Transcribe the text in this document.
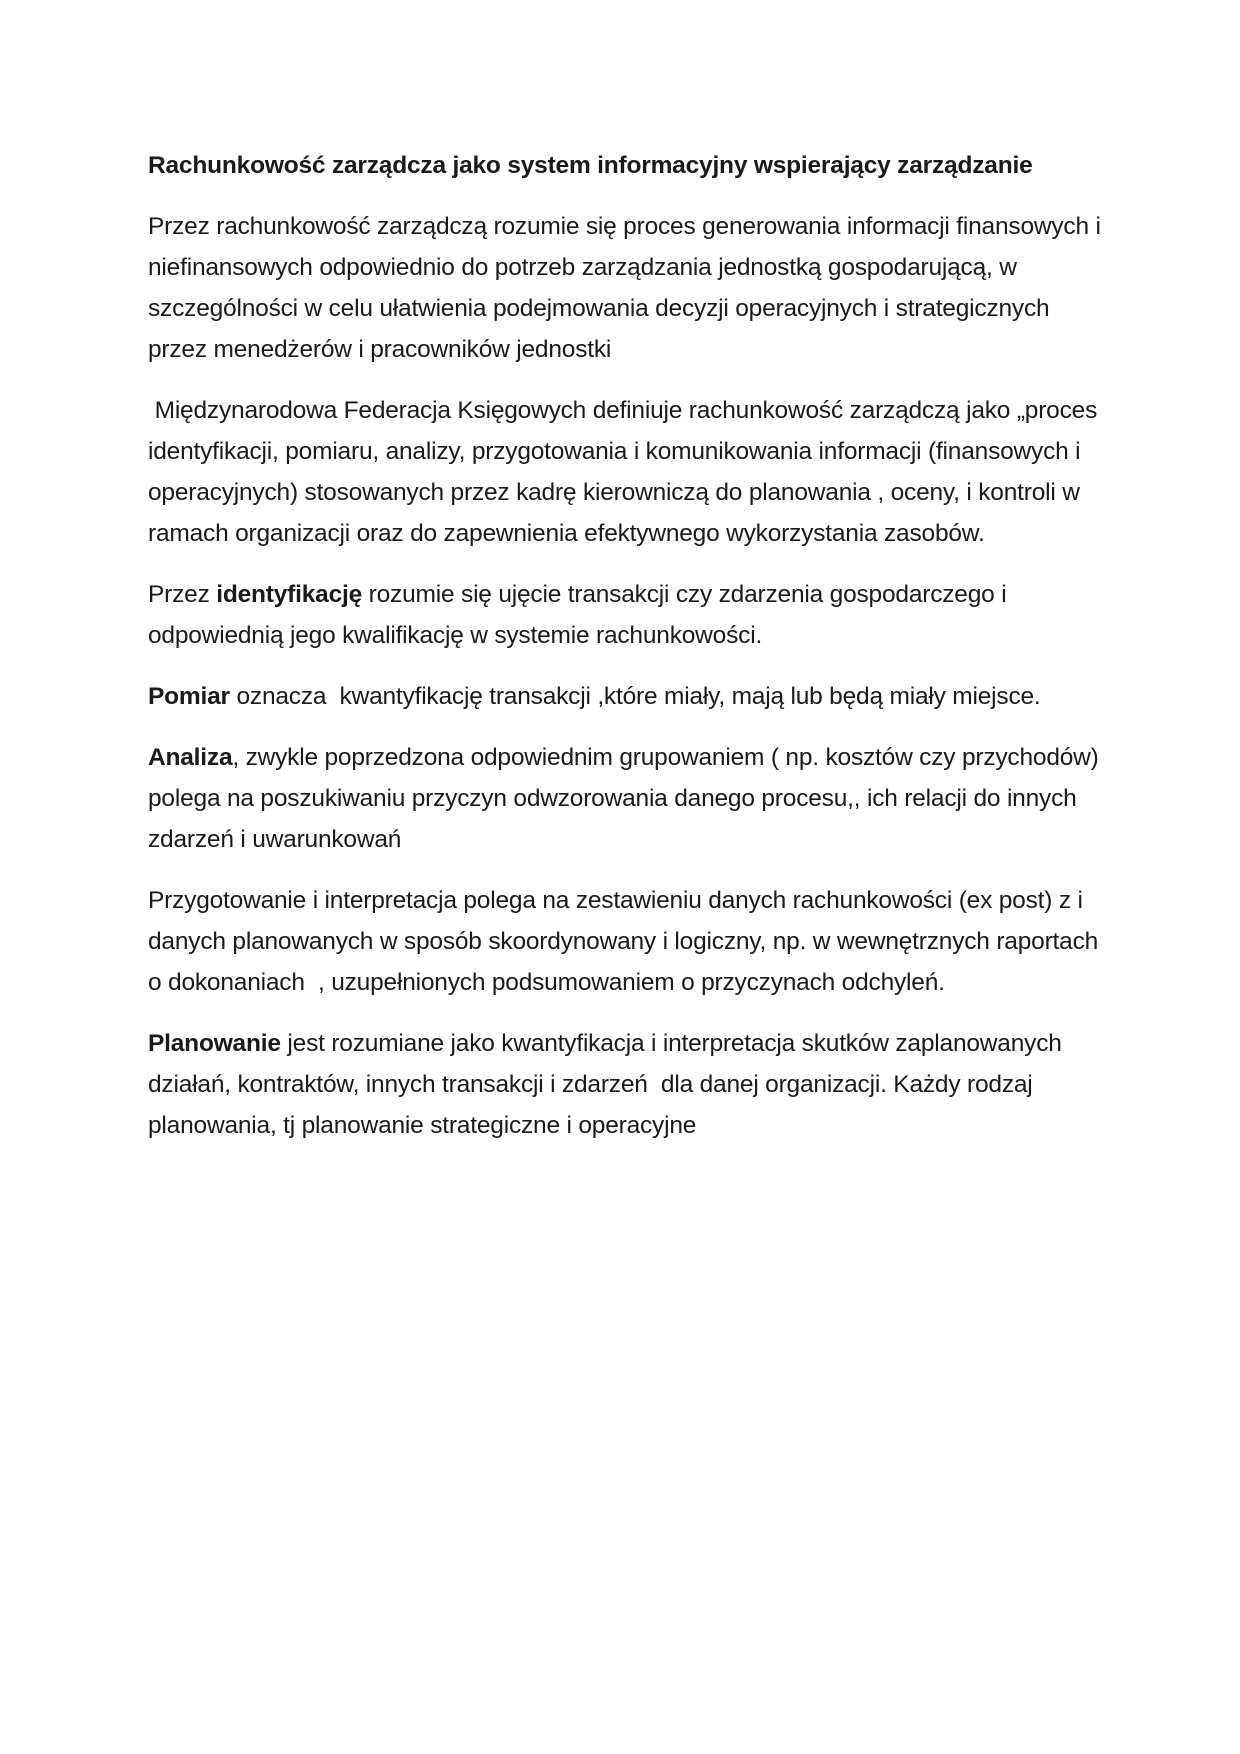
Rachunkowość zarządcza jako system informacyjny wspierający zarządzanie

Przez rachunkowość zarządczą rozumie się proces generowania informacji finansowych i niefinansowych odpowiednio do potrzeb zarządzania jednostką gospodarującą, w szczególności w celu ułatwienia podejmowania decyzji operacyjnych i strategicznych przez menedżerów i pracowników jednostki

Międzynarodowa Federacja Księgowych definiuje rachunkowość zarządczą jako „proces identyfikacji, pomiaru, analizy, przygotowania i komunikowania informacji (finansowych i operacyjnych) stosowanych przez kadrę kierowniczą do planowania , oceny, i kontroli w ramach organizacji oraz do zapewnienia efektywnego wykorzystania zasobów.

Przez identyfikację rozumie się ujęcie transakcji czy zdarzenia gospodarczego i odpowiednią jego kwalifikację w systemie rachunkowości.

Pomiar oznacza  kwantyfikację transakcji ,które miały, mają lub będą miały miejsce.

Analiza, zwykle poprzedzona odpowiednim grupowaniem ( np. kosztów czy przychodów) polega na poszukiwaniu przyczyn odwzorowania danego procesu,, ich relacji do innych zdarzeń i uwarunkowań

Przygotowanie i interpretacja polega na zestawieniu danych rachunkowości (ex post) z i danych planowanych w sposób skoordynowany i logiczny, np. w wewnętrznych raportach o dokonaniach  , uzupełnionych podsumowaniem o przyczynach odchyleń.

Planowanie jest rozumiane jako kwantyfikacja i interpretacja skutków zaplanowanych działań, kontraktów, innych transakcji i zdarzeń  dla danej organizacji. Każdy rodzaj planowania, tj planowanie strategiczne i operacyjne
